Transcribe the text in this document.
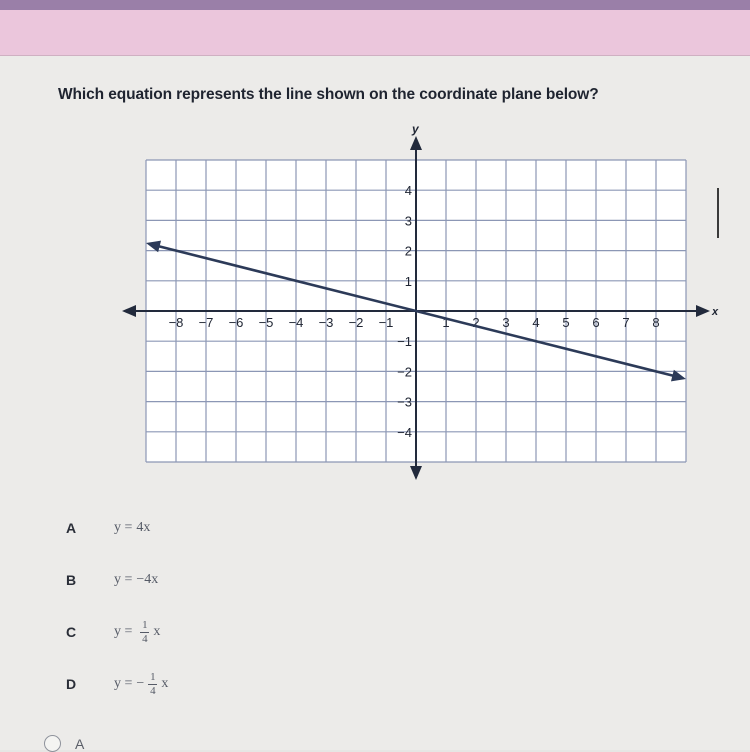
Which equation represents the line shown on the coordinate plane below?

x
y
−8 −7 −6 −5 −4 −3 −2 −1	1 2 3 4 5 6 7 8
4
3
2
1
−1
−2
−3
−4
A	y = 4x
B	y = −4x
C	$y = \frac{1}{4}$ x
D	y = − $\frac{1}{4}$ x
A
